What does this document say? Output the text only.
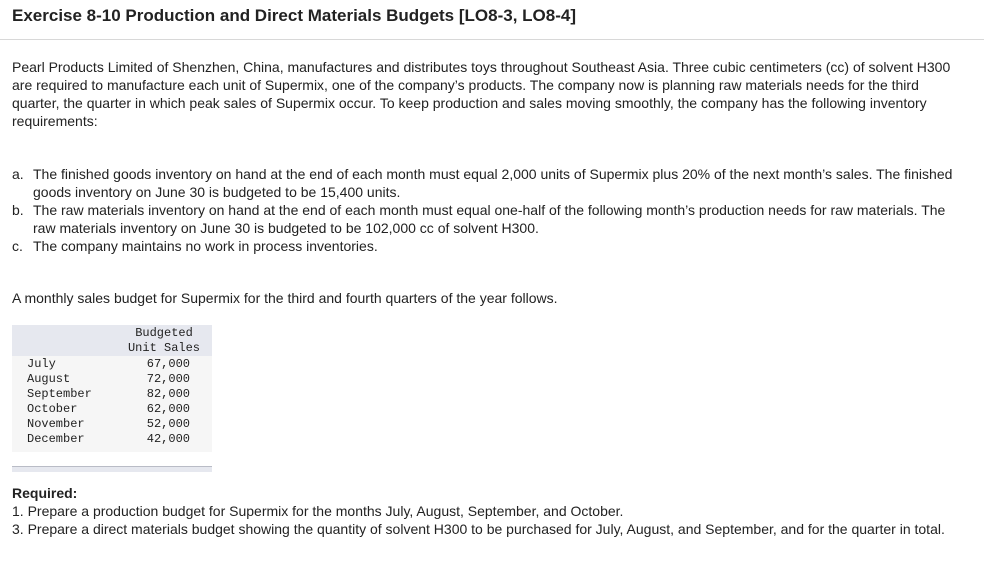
Exercise 8-10 Production and Direct Materials Budgets [LO8-3, LO8-4]
Pearl Products Limited of Shenzhen, China, manufactures and distributes toys throughout Southeast Asia. Three cubic centimeters (cc) of solvent H300 are required to manufacture each unit of Supermix, one of the company’s products. The company now is planning raw materials needs for the third quarter, the quarter in which peak sales of Supermix occur. To keep production and sales moving smoothly, the company has the following inventory requirements:
a. The finished goods inventory on hand at the end of each month must equal 2,000 units of Supermix plus 20% of the next month’s sales. The finished goods inventory on June 30 is budgeted to be 15,400 units.
b. The raw materials inventory on hand at the end of each month must equal one-half of the following month’s production needs for raw materials. The raw materials inventory on June 30 is budgeted to be 102,000 cc of solvent H300.
c. The company maintains no work in process inventories.
A monthly sales budget for Supermix for the third and fourth quarters of the year follows.
Budgeted
Unit Sales
July	67,000
August	72,000
September	82,000
October	62,000
November	52,000
December	42,000
Required:
1. Prepare a production budget for Supermix for the months July, August, September, and October.
3. Prepare a direct materials budget showing the quantity of solvent H300 to be purchased for July, August, and September, and for the quarter in total.
